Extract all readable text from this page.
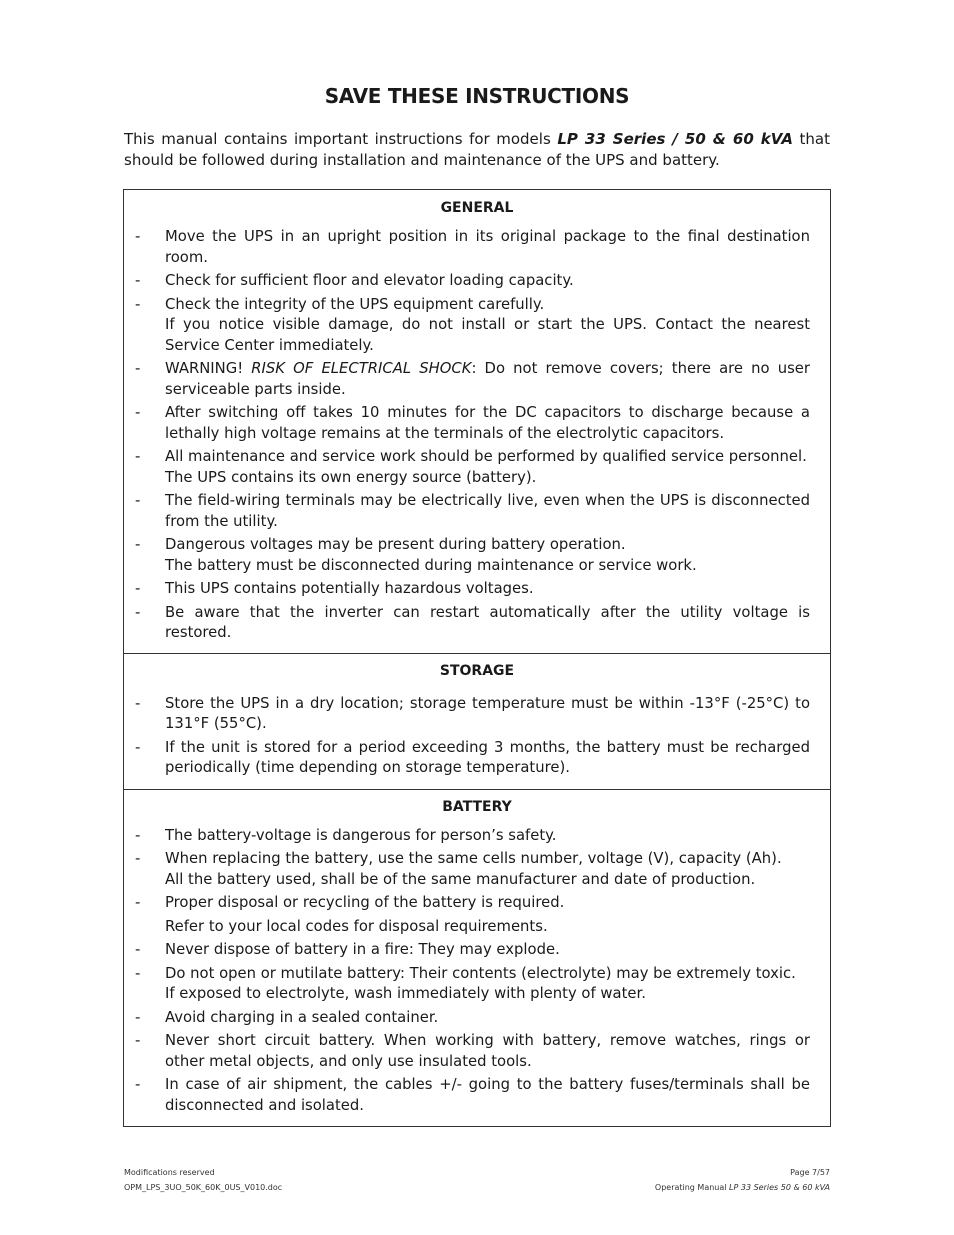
SAVE THESE INSTRUCTIONS
This manual contains important instructions for models LP 33 Series / 50 & 60 kVA that should be followed during installation and maintenance of the UPS and battery.
GENERAL
- Move the UPS in an upright position in its original package to the final destination room.
- Check for sufficient floor and elevator loading capacity.
- Check the integrity of the UPS equipment carefully.
If you notice visible damage, do not install or start the UPS. Contact the nearest Service Center immediately.
- WARNING! RISK OF ELECTRICAL SHOCK: Do not remove covers; there are no user serviceable parts inside.
- After switching off takes 10 minutes for the DC capacitors to discharge because a lethally high voltage remains at the terminals of the electrolytic capacitors.
- All maintenance and service work should be performed by qualified service personnel.
The UPS contains its own energy source (battery).
- The field-wiring terminals may be electrically live, even when the UPS is disconnected from the utility.
- Dangerous voltages may be present during battery operation.
The battery must be disconnected during maintenance or service work.
- This UPS contains potentially hazardous voltages.
- Be aware that the inverter can restart automatically after the utility voltage is restored.
STORAGE
- Store the UPS in a dry location; storage temperature must be within -13°F (-25°C) to 131°F (55°C).
- If the unit is stored for a period exceeding 3 months, the battery must be recharged periodically (time depending on storage temperature).
BATTERY
- The battery-voltage is dangerous for person’s safety.
- When replacing the battery, use the same cells number, voltage (V), capacity (Ah).
All the battery used, shall be of the same manufacturer and date of production.
- Proper disposal or recycling of the battery is required.
Refer to your local codes for disposal requirements.
- Never dispose of battery in a fire: They may explode.
- Do not open or mutilate battery: Their contents (electrolyte) may be extremely toxic.
If exposed to electrolyte, wash immediately with plenty of water.
- Avoid charging in a sealed container.
- Never short circuit battery. When working with battery, remove watches, rings or other metal objects, and only use insulated tools.
- In case of air shipment, the cables +/- going to the battery fuses/terminals shall be disconnected and isolated.
Modifications reserved
OPM_LPS_3UO_50K_60K_0US_V010.doc
Page 7/57
Operating Manual LP 33 Series 50 & 60 kVA
